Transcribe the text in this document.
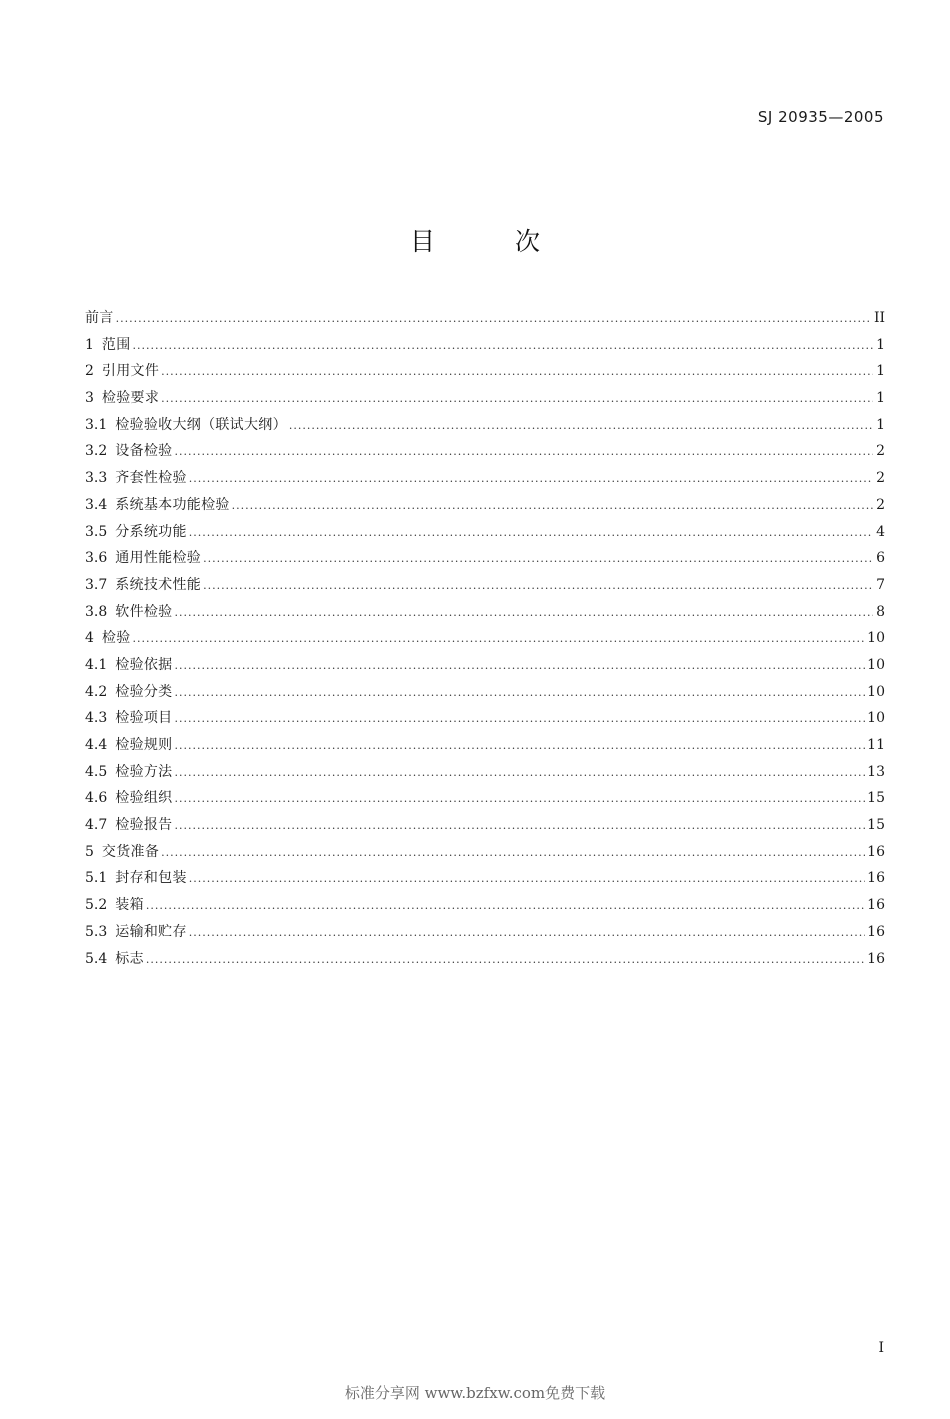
SJ 20935—2005
目	次
前言 .....	II
1 范围 .....	1
2 引用文件 .....	1
3 检验要求 .....	1
3.1 检验验收大纲（联试大纲） .....	1
3.2 设备检验 .....	2
3.3 齐套性检验 .....	2
3.4 系统基本功能检验 .....	2
3.5 分系统功能 .....	4
3.6 通用性能检验 .....	6
3.7 系统技术性能 .....	7
3.8 软件检验 .....	8
4 检验 .....	10
4.1 检验依据 .....	10
4.2 检验分类 .....	10
4.3 检验项目 .....	10
4.4 检验规则 .....	11
4.5 检验方法 .....	13
4.6 检验组织 .....	15
4.7 检验报告 .....	15
5 交货准备 .....	16
5.1 封存和包装 .....	16
5.2 装箱 .....	16
5.3 运输和贮存 .....	16
5.4 标志 .....	16
I
标准分享网 www.bzfxw.com免费下载
